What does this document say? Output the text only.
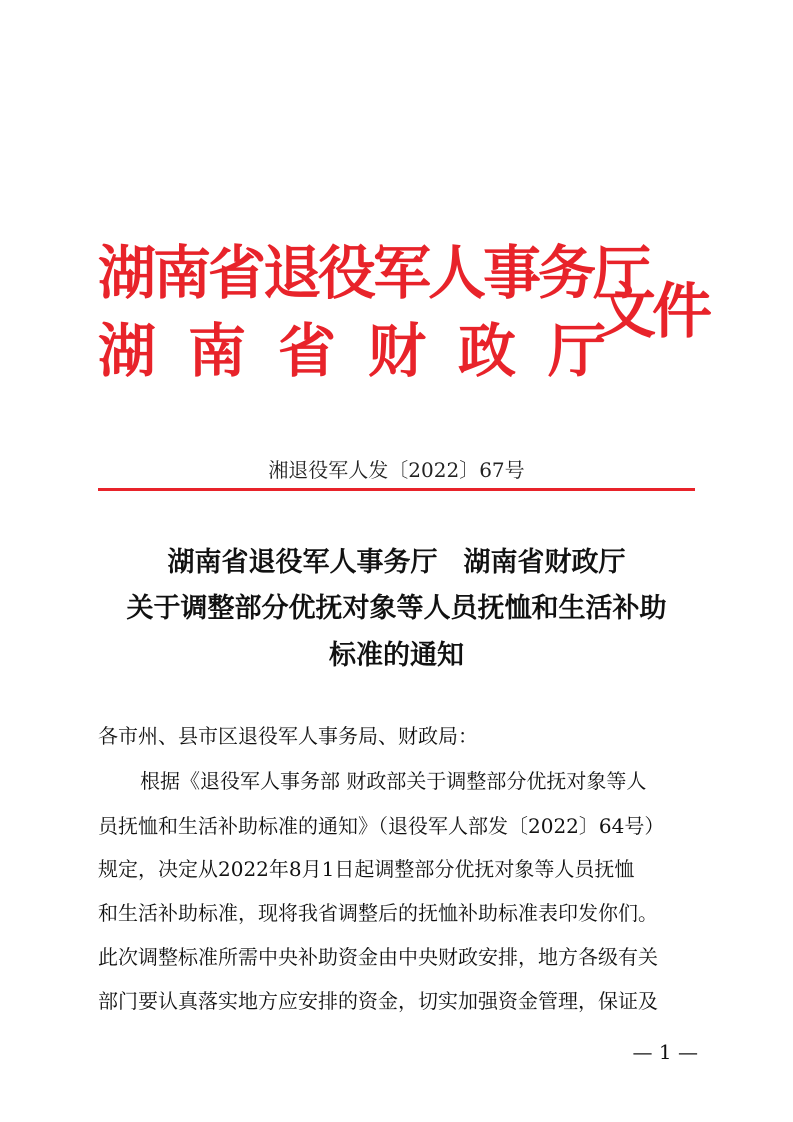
湖南省退役军人事务厅
湖南省财政厅
文件
湘退役军人发〔2022〕67号
湖南省退役军人事务厅 湖南省财政厅
关于调整部分优抚对象等人员抚恤和生活补助
标准的通知
各市州、县市区退役军人事务局、财政局：
根据《退役军人事务部 财政部关于调整部分优抚对象等人
员抚恤和生活补助标准的通知》（退役军人部发〔2022〕64号）
规定，决定从2022年8月1日起调整部分优抚对象等人员抚恤
和生活补助标准，现将我省调整后的抚恤补助标准表印发你们。
此次调整标准所需中央补助资金由中央财政安排，地方各级有关
部门要认真落实地方应安排的资金，切实加强资金管理，保证及
— 1 —
